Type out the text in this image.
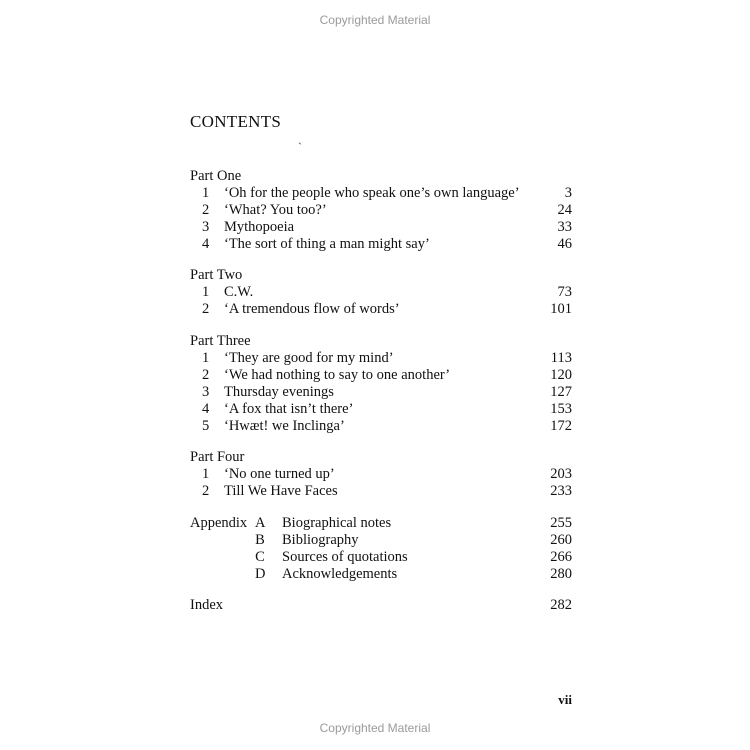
Copyrighted Material
CONTENTS
`
Part One
1 ‘Oh for the people who speak one’s own language’	3
2 ‘What? You too?’	24
3 Mythopoeia	33
4 ‘The sort of thing a man might say’	46
Part Two
1 C.W.	73
2 ‘A tremendous flow of words’	101
Part Three
1 ‘They are good for my mind’	113
2 ‘We had nothing to say to one another’	120
3 Thursday evenings	127
4 ‘A fox that isn’t there’	153
5 ‘Hwæt! we Inclinga’	172
Part Four
1 ‘No one turned up’	203
2 Till We Have Faces	233
Appendix A Biographical notes	255
B Bibliography	260
C Sources of quotations	266
D Acknowledgements	280
Index	282
vii
Copyrighted Material
